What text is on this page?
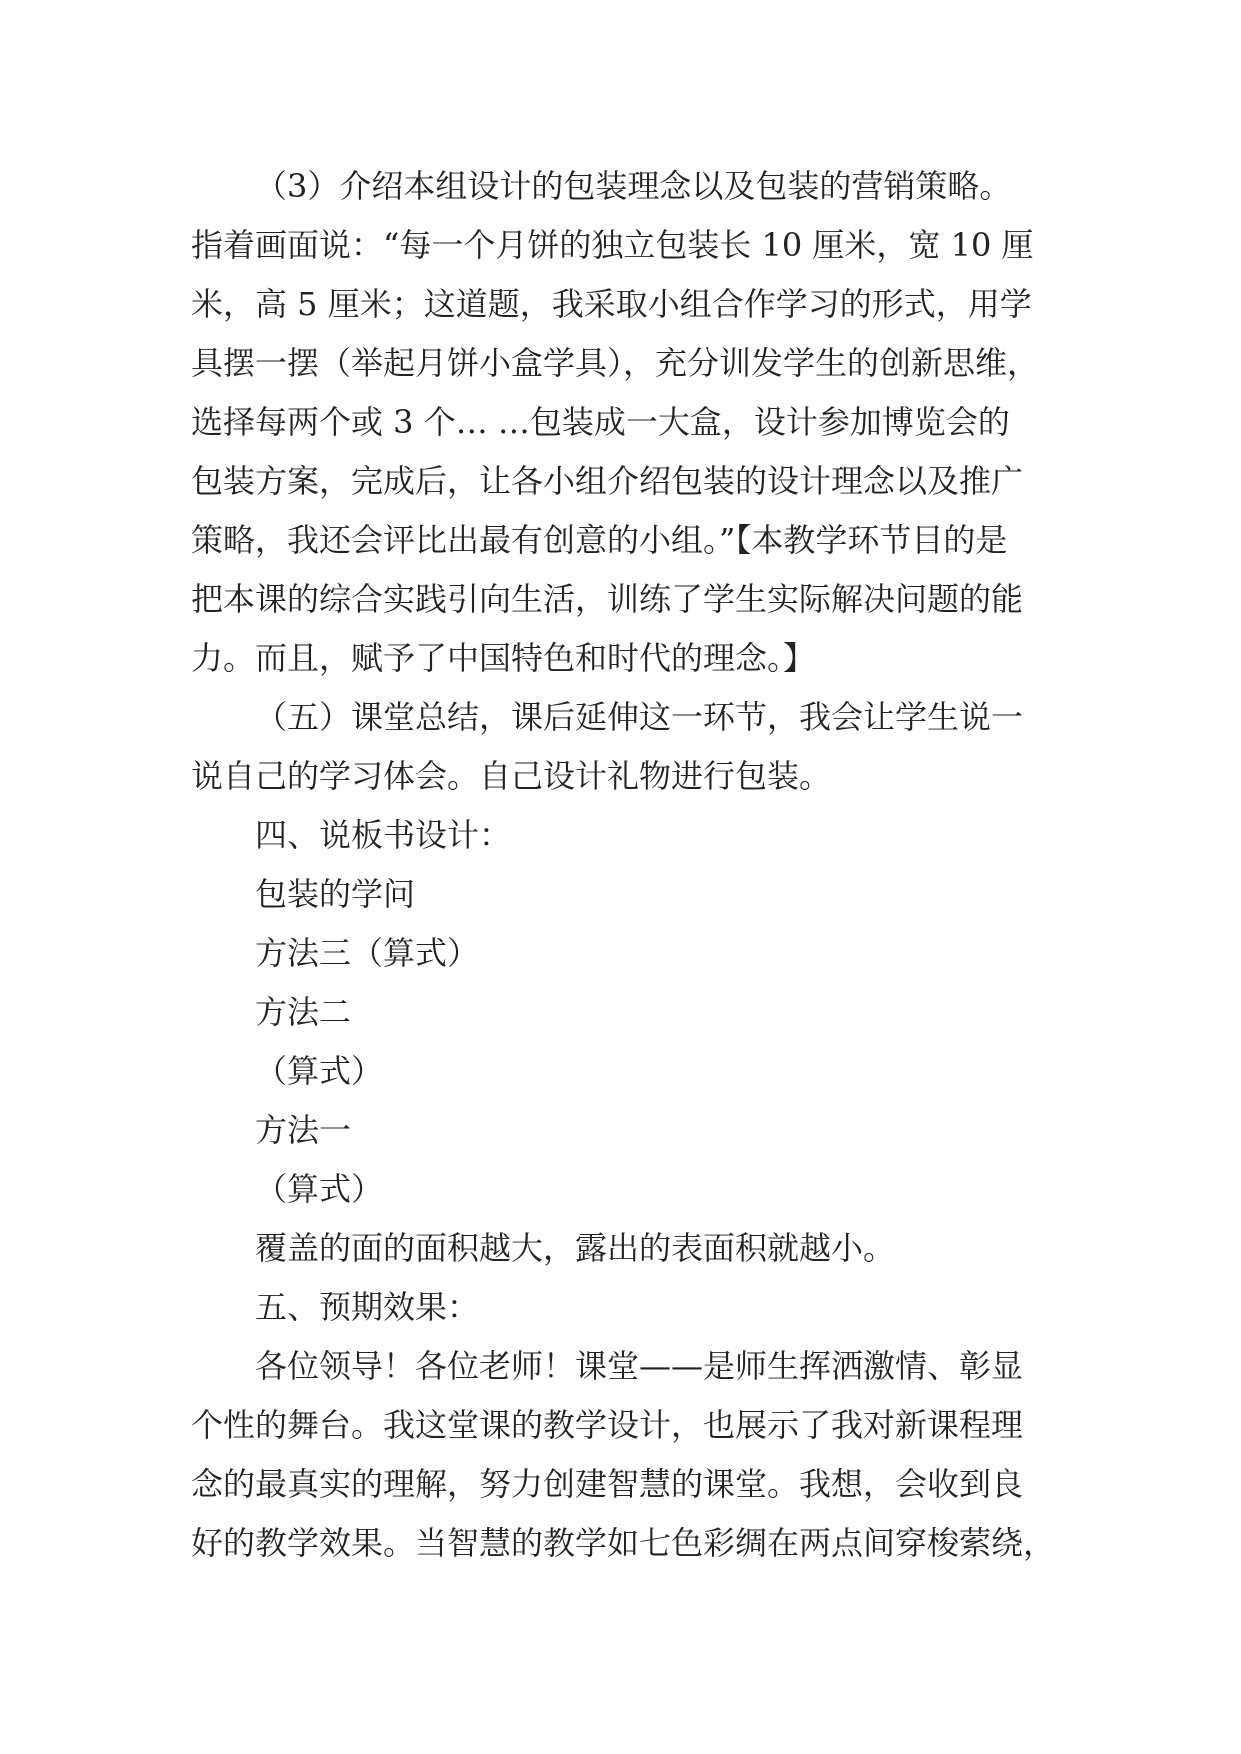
（3）介绍本组设计的包装理念以及包装的营销策略。
指着画面说：“每一个月饼的独立包装长 10 厘米，宽 10 厘
米，高 5 厘米；这道题，我采取小组合作学习的形式，用学
具摆一摆（举起月饼小盒学具），充分训发学生的创新思维，
选择每两个或 3 个… …包装成一大盒，设计参加博览会的
包装方案，完成后，让各小组介绍包装的设计理念以及推广
策略，我还会评比出最有创意的小组。”【本教学环节目的是
把本课的综合实践引向生活，训练了学生实际解决问题的能
力。而且，赋予了中国特色和时代的理念。】
（五）课堂总结，课后延伸这一环节，我会让学生说一
说自己的学习体会。自己设计礼物进行包装。
四、说板书设计：
包装的学问
方法三（算式）
方法二
（算式）
方法一
（算式）
覆盖的面的面积越大，露出的表面积就越小。
五、预期效果：
各位领导！各位老师！课堂——是师生挥洒激情、彰显
个性的舞台。我这堂课的教学设计，也展示了我对新课程理
念的最真实的理解，努力创建智慧的课堂。我想，会收到良
好的教学效果。当智慧的教学如七色彩绸在两点间穿梭萦绕，
